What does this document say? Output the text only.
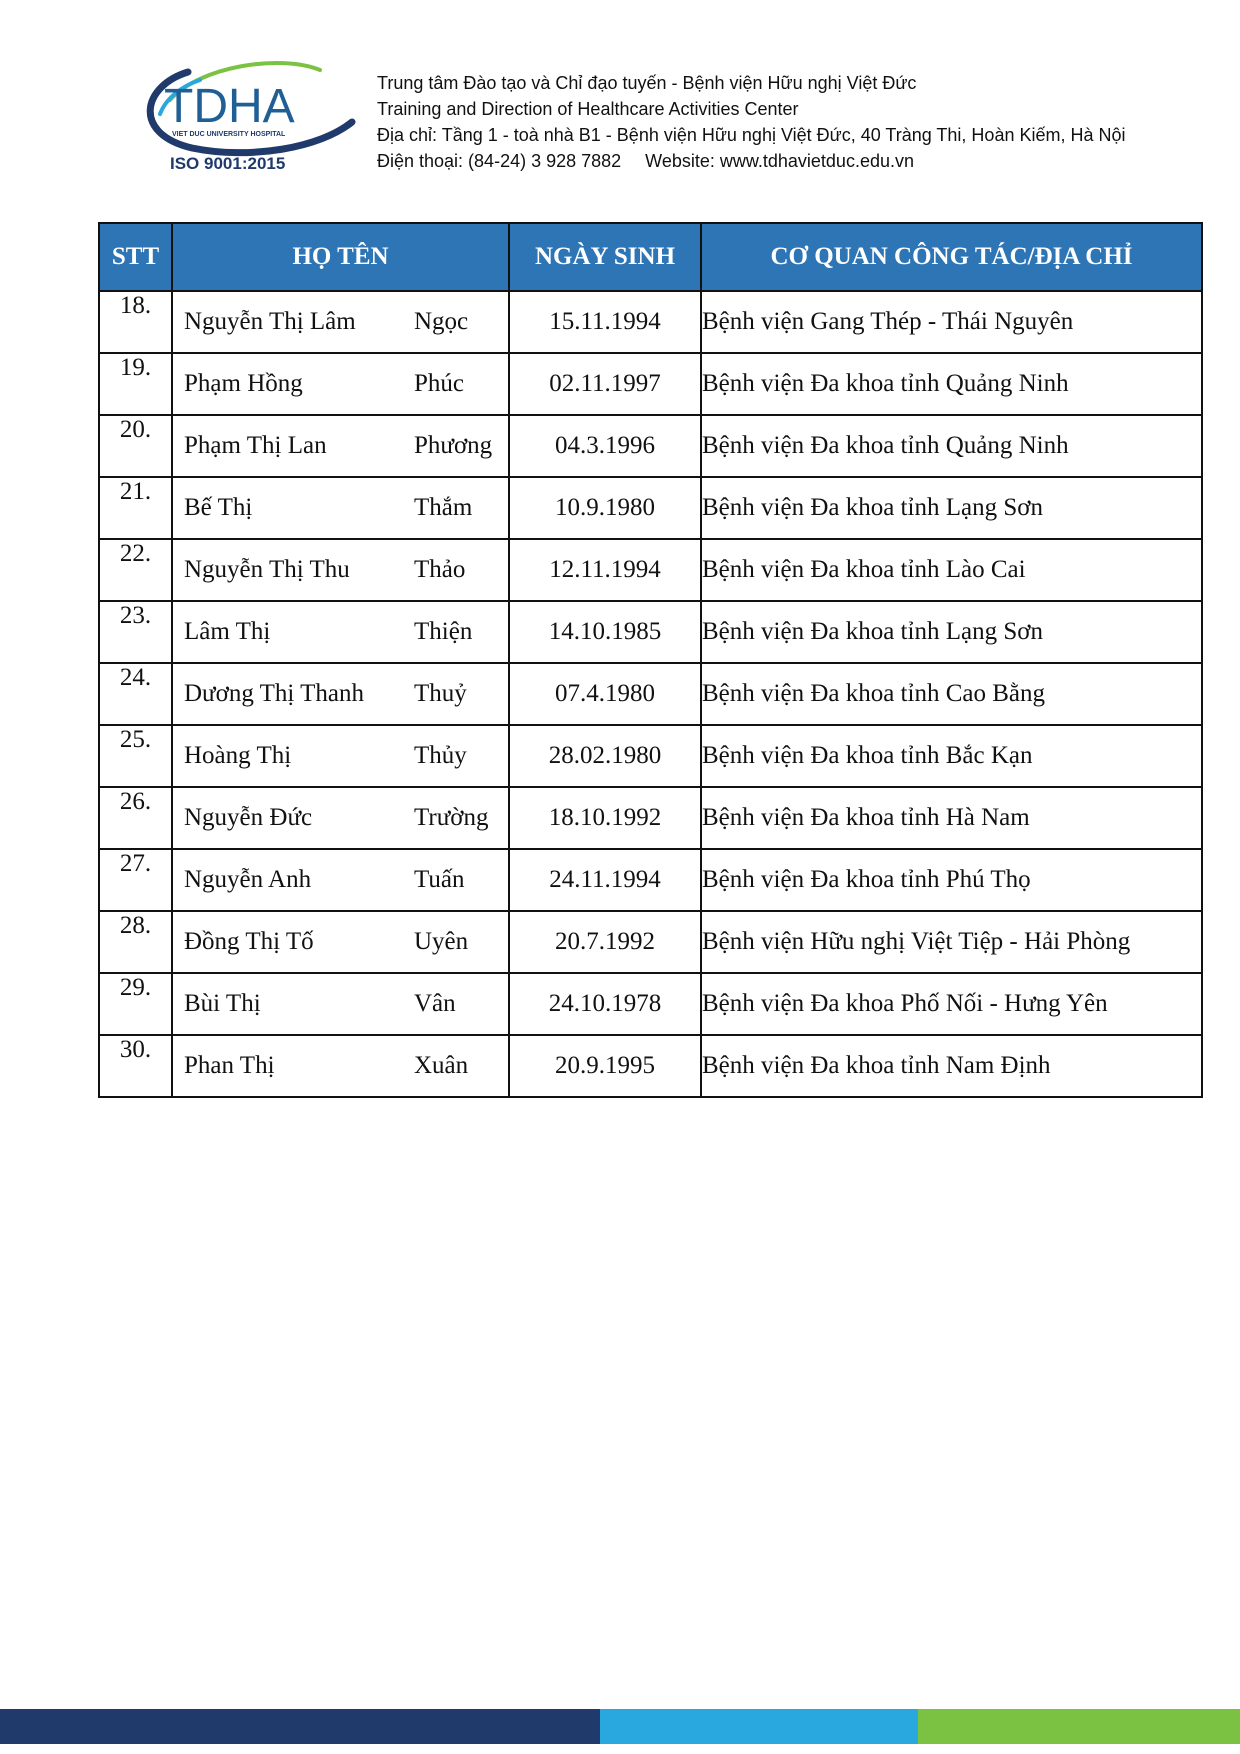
TDHA
VIET DUC UNIVERSITY HOSPITAL
ISO 9001:2015
Trung tâm Đào tạo và Chỉ đạo tuyến - Bệnh viện Hữu nghị Việt Đức
Training and Direction of Healthcare Activities Center
Địa chỉ: Tầng 1 - toà nhà B1 - Bệnh viện Hữu nghị Việt Đức, 40 Tràng Thi, Hoàn Kiếm, Hà Nội
Điện thoại: (84-24) 3 928 7882 Website: www.tdhavietduc.edu.vn
STT	HỌ TÊN	NGÀY SINH	CƠ QUAN CÔNG TÁC/ĐỊA CHỈ
18.	Nguyễn Thị Lâm Ngọc	15.11.1994	Bệnh viện Gang Thép - Thái Nguyên
19.	Phạm Hồng Phúc	02.11.1997	Bệnh viện Đa khoa tỉnh Quảng Ninh
20.	Phạm Thị Lan Phương	04.3.1996	Bệnh viện Đa khoa tỉnh Quảng Ninh
21.	Bế Thị Thắm	10.9.1980	Bệnh viện Đa khoa tỉnh Lạng Sơn
22.	Nguyễn Thị Thu Thảo	12.11.1994	Bệnh viện Đa khoa tỉnh Lào Cai
23.	Lâm Thị Thiện	14.10.1985	Bệnh viện Đa khoa tỉnh Lạng Sơn
24.	Dương Thị Thanh Thuỷ	07.4.1980	Bệnh viện Đa khoa tỉnh Cao Bằng
25.	Hoàng Thị Thủy	28.02.1980	Bệnh viện Đa khoa tỉnh Bắc Kạn
26.	Nguyễn Đức Trường	18.10.1992	Bệnh viện Đa khoa tỉnh Hà Nam
27.	Nguyễn Anh Tuấn	24.11.1994	Bệnh viện Đa khoa tỉnh Phú Thọ
28.	Đồng Thị Tố Uyên	20.7.1992	Bệnh viện Hữu nghị Việt Tiệp - Hải Phòng
29.	Bùi Thị Vân	24.10.1978	Bệnh viện Đa khoa Phố Nối - Hưng Yên
30.	Phan Thị Xuân	20.9.1995	Bệnh viện Đa khoa tỉnh Nam Định
